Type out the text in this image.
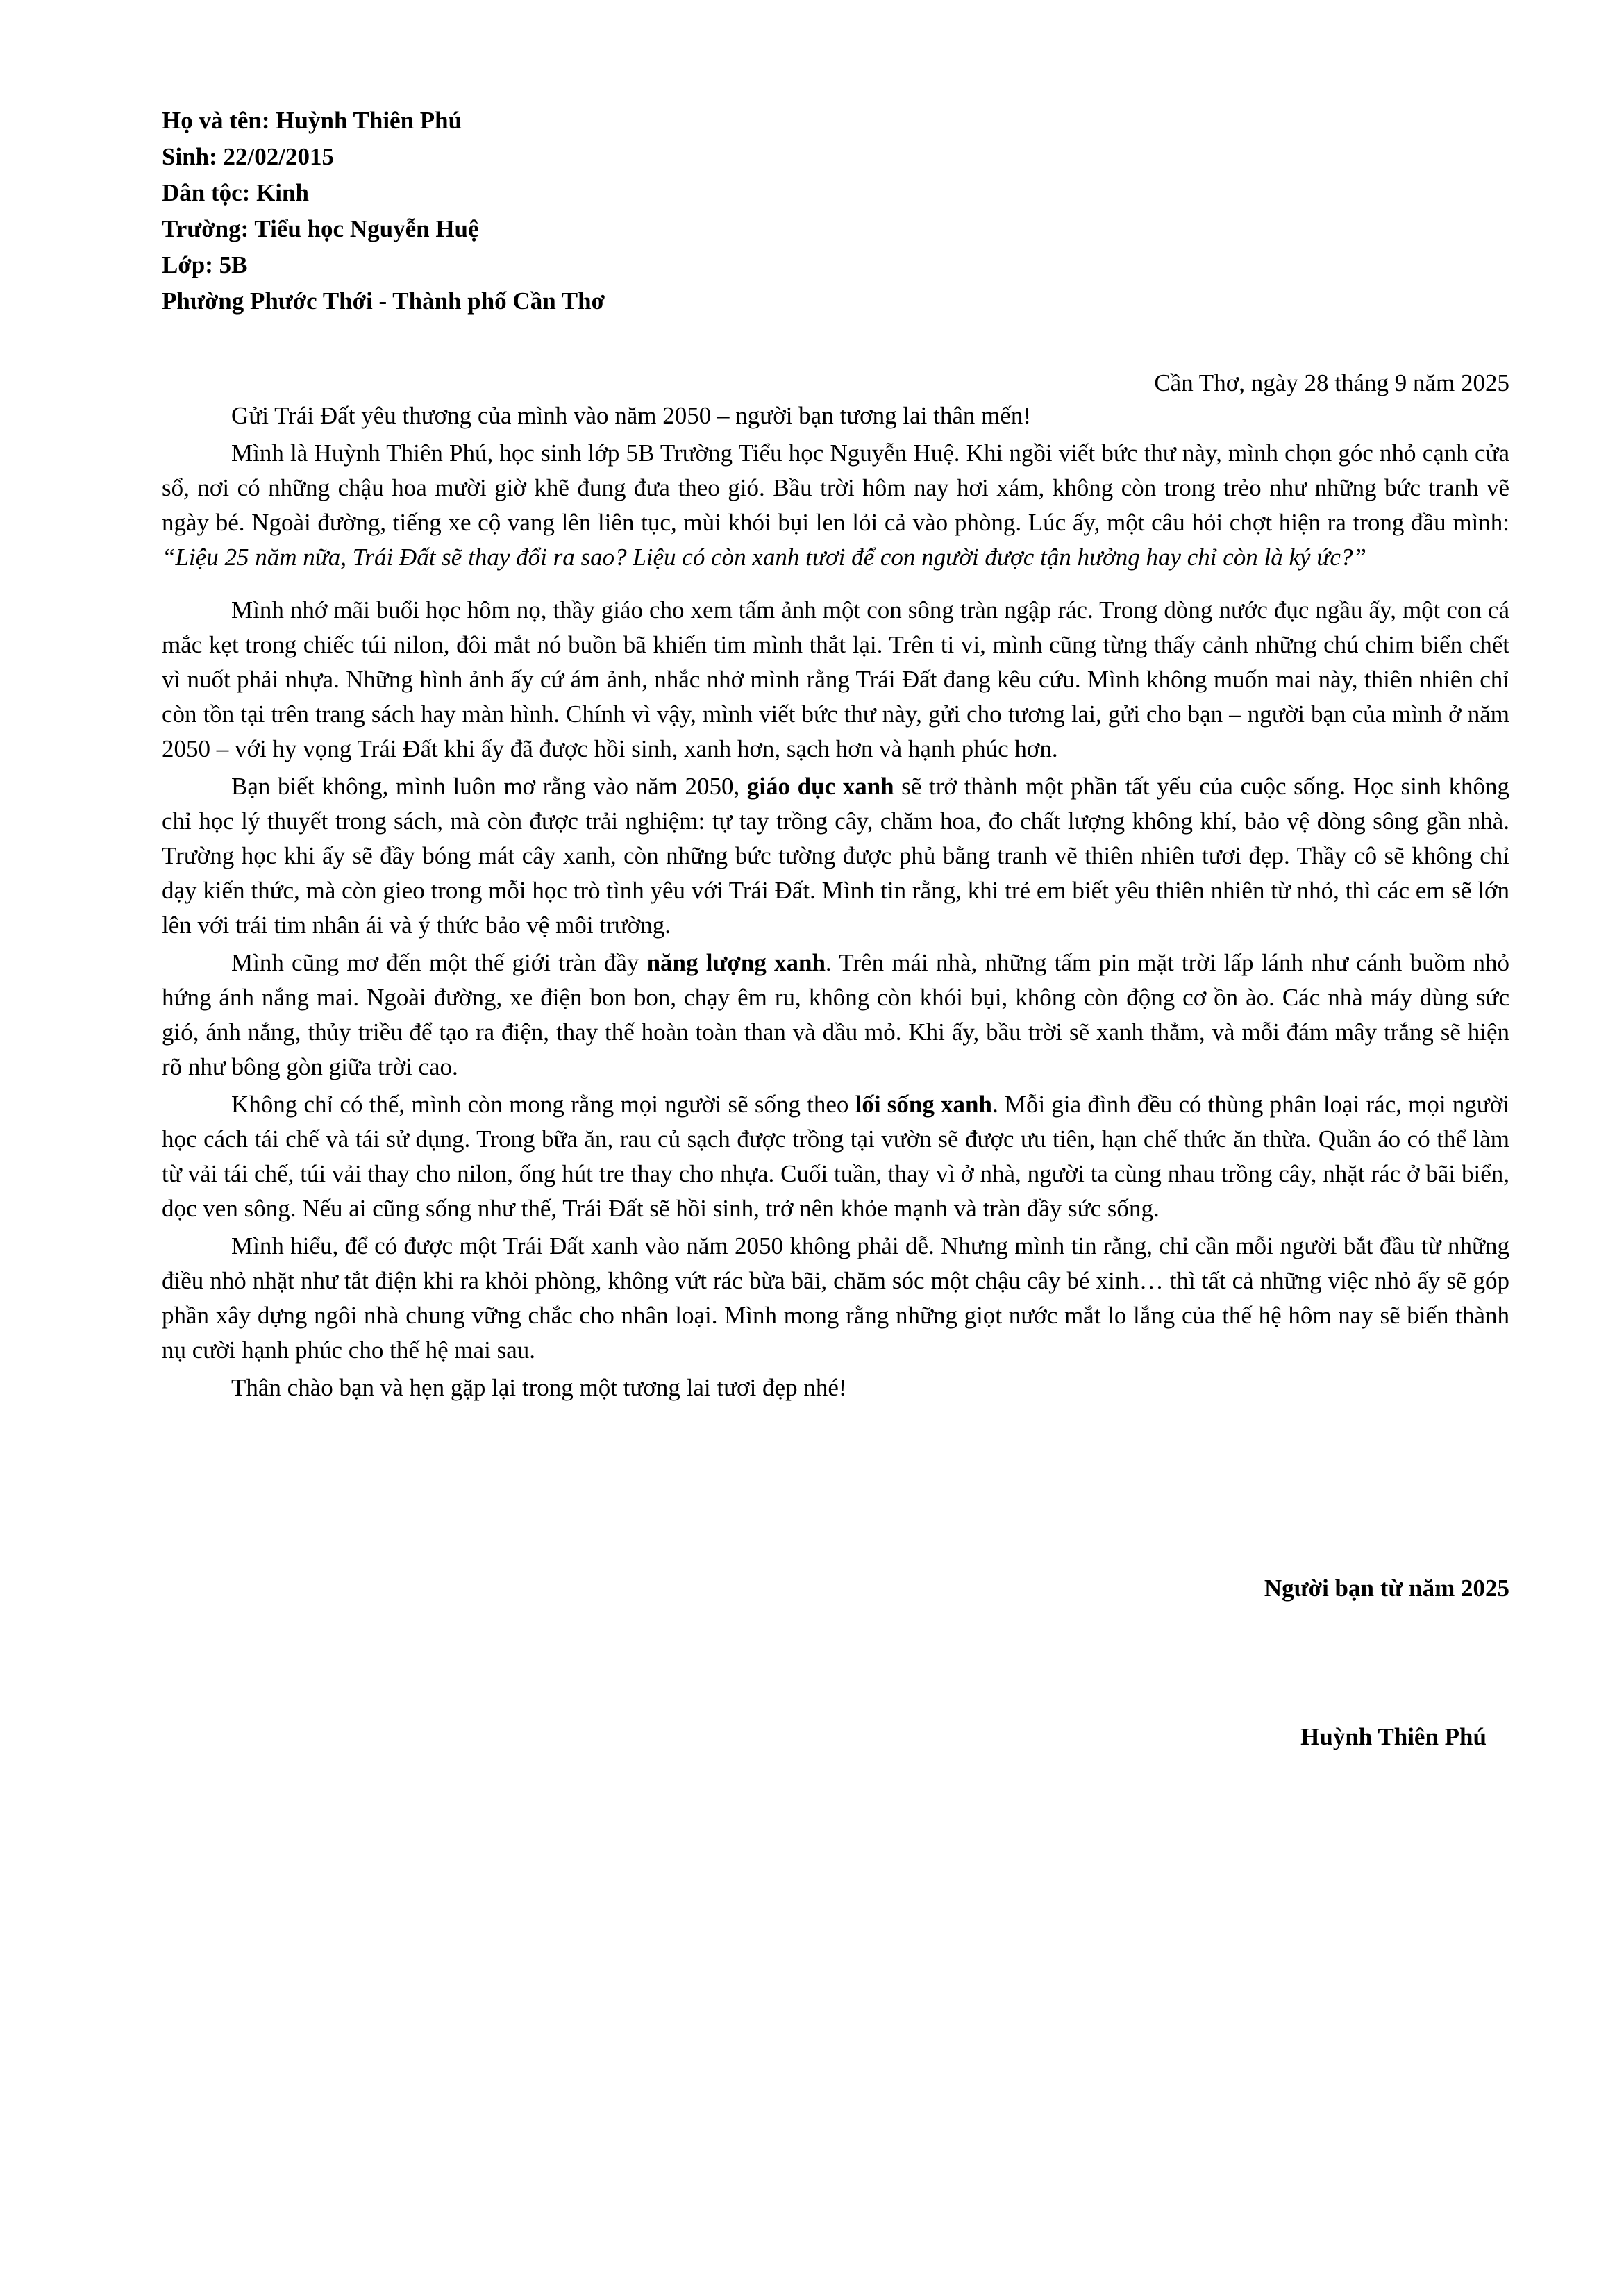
Họ và tên: Huỳnh Thiên Phú
Sinh: 22/02/2015
Dân tộc: Kinh
Trường: Tiểu học Nguyễn Huệ
Lớp: 5B
Phường Phước Thới - Thành phố Cần Thơ
Cần Thơ, ngày 28 tháng 9 năm 2025

Gửi Trái Đất yêu thương của mình vào năm 2050 – người bạn tương lai thân mến!

Mình là Huỳnh Thiên Phú, học sinh lớp 5B Trường Tiểu học Nguyễn Huệ. Khi ngồi viết bức thư này, mình chọn góc nhỏ cạnh cửa sổ, nơi có những chậu hoa mười giờ khẽ đung đưa theo gió. Bầu trời hôm nay hơi xám, không còn trong trẻo như những bức tranh vẽ ngày bé. Ngoài đường, tiếng xe cộ vang lên liên tục, mùi khói bụi len lỏi cả vào phòng. Lúc ấy, một câu hỏi chợt hiện ra trong đầu mình: “Liệu 25 năm nữa, Trái Đất sẽ thay đổi ra sao? Liệu có còn xanh tươi để con người được tận hưởng hay chỉ còn là ký ức?”

Mình nhớ mãi buổi học hôm nọ, thầy giáo cho xem tấm ảnh một con sông tràn ngập rác. Trong dòng nước đục ngầu ấy, một con cá mắc kẹt trong chiếc túi nilon, đôi mắt nó buồn bã khiến tim mình thắt lại. Trên ti vi, mình cũng từng thấy cảnh những chú chim biển chết vì nuốt phải nhựa. Những hình ảnh ấy cứ ám ảnh, nhắc nhở mình rằng Trái Đất đang kêu cứu. Mình không muốn mai này, thiên nhiên chỉ còn tồn tại trên trang sách hay màn hình. Chính vì vậy, mình viết bức thư này, gửi cho tương lai, gửi cho bạn – người bạn của mình ở năm 2050 – với hy vọng Trái Đất khi ấy đã được hồi sinh, xanh hơn, sạch hơn và hạnh phúc hơn.

Bạn biết không, mình luôn mơ rằng vào năm 2050, giáo dục xanh sẽ trở thành một phần tất yếu của cuộc sống. Học sinh không chỉ học lý thuyết trong sách, mà còn được trải nghiệm: tự tay trồng cây, chăm hoa, đo chất lượng không khí, bảo vệ dòng sông gần nhà. Trường học khi ấy sẽ đầy bóng mát cây xanh, còn những bức tường được phủ bằng tranh vẽ thiên nhiên tươi đẹp. Thầy cô sẽ không chỉ dạy kiến thức, mà còn gieo trong mỗi học trò tình yêu với Trái Đất. Mình tin rằng, khi trẻ em biết yêu thiên nhiên từ nhỏ, thì các em sẽ lớn lên với trái tim nhân ái và ý thức bảo vệ môi trường.

Mình cũng mơ đến một thế giới tràn đầy năng lượng xanh. Trên mái nhà, những tấm pin mặt trời lấp lánh như cánh buồm nhỏ hứng ánh nắng mai. Ngoài đường, xe điện bon bon, chạy êm ru, không còn khói bụi, không còn động cơ ồn ào. Các nhà máy dùng sức gió, ánh nắng, thủy triều để tạo ra điện, thay thế hoàn toàn than và dầu mỏ. Khi ấy, bầu trời sẽ xanh thẳm, và mỗi đám mây trắng sẽ hiện rõ như bông gòn giữa trời cao.

Không chỉ có thế, mình còn mong rằng mọi người sẽ sống theo lối sống xanh. Mỗi gia đình đều có thùng phân loại rác, mọi người học cách tái chế và tái sử dụng. Trong bữa ăn, rau củ sạch được trồng tại vườn sẽ được ưu tiên, hạn chế thức ăn thừa. Quần áo có thể làm từ vải tái chế, túi vải thay cho nilon, ống hút tre thay cho nhựa. Cuối tuần, thay vì ở nhà, người ta cùng nhau trồng cây, nhặt rác ở bãi biển, dọc ven sông. Nếu ai cũng sống như thế, Trái Đất sẽ hồi sinh, trở nên khỏe mạnh và tràn đầy sức sống.

Mình hiểu, để có được một Trái Đất xanh vào năm 2050 không phải dễ. Nhưng mình tin rằng, chỉ cần mỗi người bắt đầu từ những điều nhỏ nhặt như tắt điện khi ra khỏi phòng, không vứt rác bừa bãi, chăm sóc một chậu cây bé xinh… thì tất cả những việc nhỏ ấy sẽ góp phần xây dựng ngôi nhà chung vững chắc cho nhân loại. Mình mong rằng những giọt nước mắt lo lắng của thế hệ hôm nay sẽ biến thành nụ cười hạnh phúc cho thế hệ mai sau.

Thân chào bạn và hẹn gặp lại trong một tương lai tươi đẹp nhé!

Người bạn từ năm 2025
Huỳnh Thiên Phú
